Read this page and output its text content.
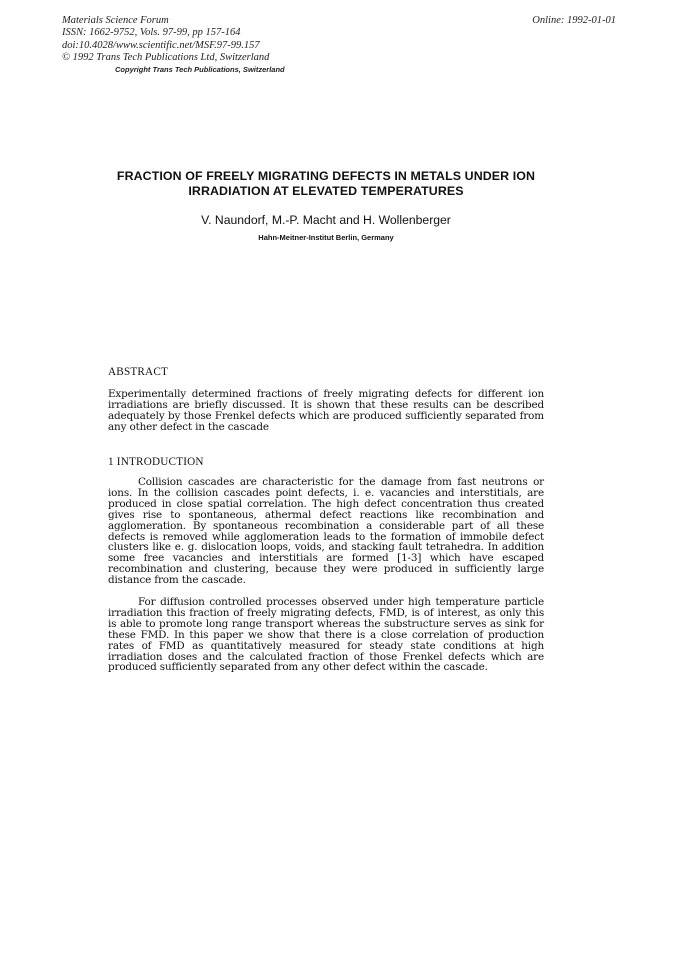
Materials Science Forum
ISSN: 1662-9752, Vols. 97-99, pp 157-164
doi:10.4028/www.scientific.net/MSF.97-99.157
© 1992 Trans Tech Publications Ltd, Switzerland
Copyright Trans Tech Publications, Switzerland
Online: 1992-01-01
FRACTION OF FREELY MIGRATING DEFECTS IN METALS UNDER ION IRRADIATION AT ELEVATED TEMPERATURES
V. Naundorf, M.-P. Macht and H. Wollenberger
Hahn-Meitner-Institut Berlin, Germany
ABSTRACT
Experimentally determined fractions of freely migrating defects for different ion irradiations are briefly discussed. It is shown that these results can be described adequately by those Frenkel defects which are produced sufficiently separated from any other defect in the cascade
1 INTRODUCTION
Collision cascades are characteristic for the damage from fast neutrons or ions. In the collision cascades point defects, i. e. vacancies and interstitials, are produced in close spatial correlation. The high defect concentration thus created gives rise to spontaneous, athermal defect reactions like recombination and agglomeration. By spontaneous recombination a considerable part of all these defects is removed while agglomeration leads to the formation of immobile defect clusters like e. g. dislocation loops, voids, and stacking fault tetrahedra. In addition some free vacancies and interstitials are formed [1-3] which have escaped recombination and clustering, because they were produced in sufficiently large distance from the cascade.
For diffusion controlled processes observed under high temperature particle irradiation this fraction of freely migrating defects, FMD, is of interest, as only this is able to promote long range transport whereas the substructure serves as sink for these FMD. In this paper we show that there is a close correlation of production rates of FMD as quantitatively measured for steady state conditions at high irradiation doses and the calculated fraction of those Frenkel defects which are produced sufficiently separated from any other defect within the cascade.
